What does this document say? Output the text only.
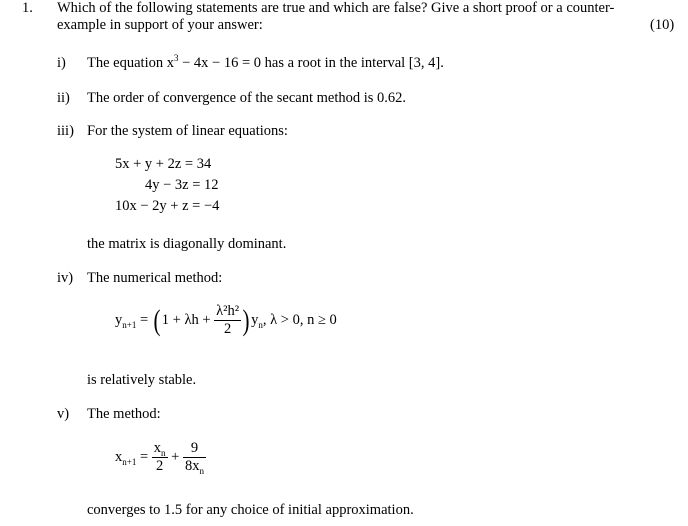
1. Which of the following statements are true and which are false? Give a short proof or a counter-
example in support of your answer:	(10)
i) The equation $x^3 - 4x - 16 = 0$ has a root in the interval [3, 4].
ii) The order of convergence of the secant method is 0.62.
iii) For the system of linear equations:
5x + y + 2z = 34
4y − 3z = 12
10x − 2y + z = −4
the matrix is diagonally dominant.
iv) The numerical method:
$y_{n+1}$ = ( $1 + \lambda h + \frac{\text{λ²h²}}{2}$ ) $y_n$, λ > 0, n ≥ 0
is relatively stable.
v) The method:
$x_{n+1} = \frac{x_n}{2} + \frac{9}{8x_n}$
converges to 1.5 for any choice of initial approximation.
